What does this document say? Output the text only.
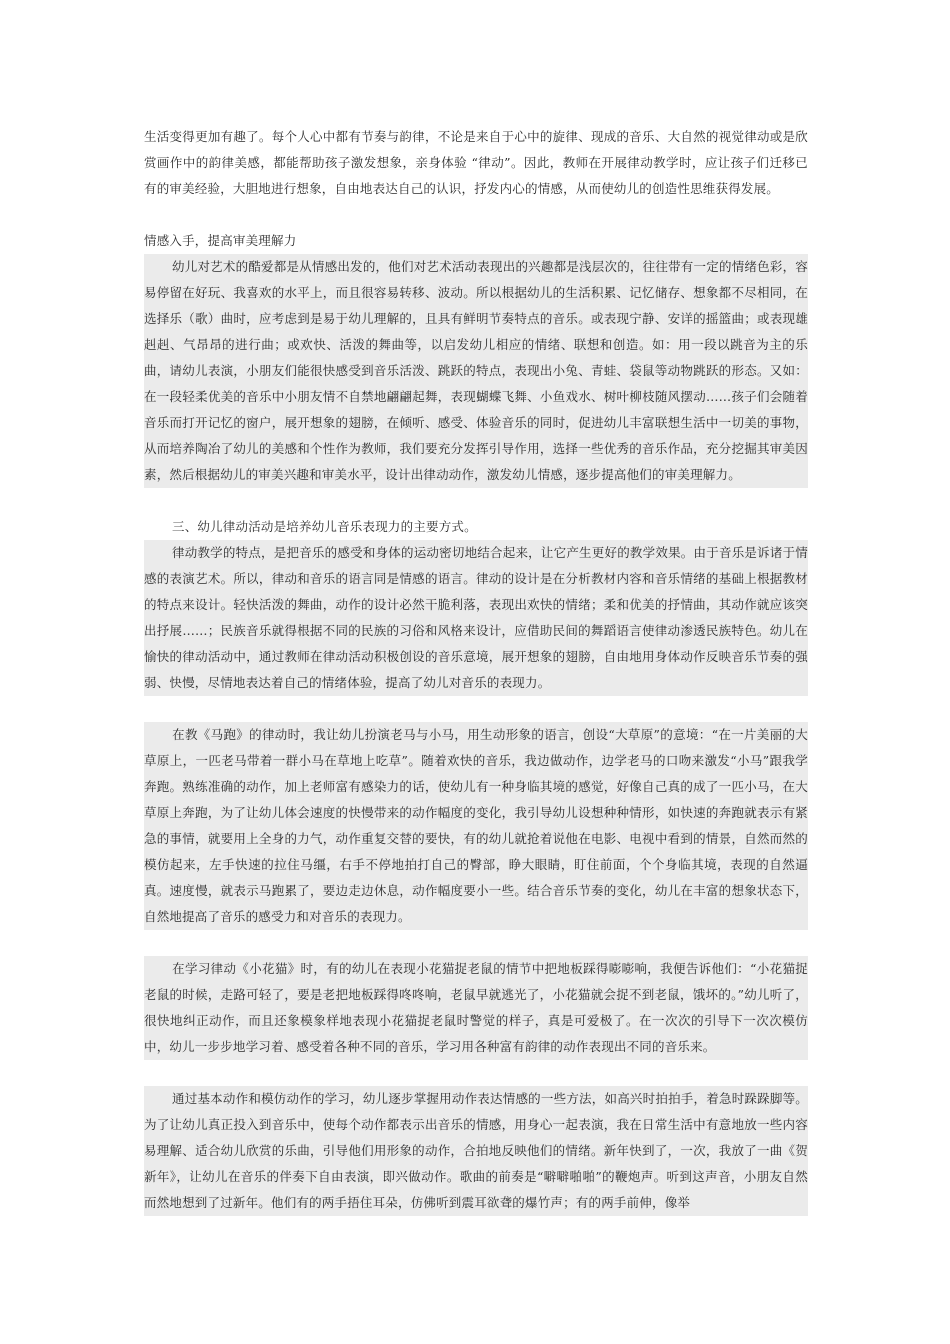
生活变得更加有趣了。每个人心中都有节奏与韵律，不论是来自于心中的旋律、现成的音乐、大自然的视觉律动或是欣赏画作中的韵律美感，都能帮助孩子激发想象，亲身体验 “律动”。因此，教师在开展律动教学时，应让孩子们迁移已有的审美经验，大胆地进行想象，自由地表达自己的认识，抒发内心的情感，从而使幼儿的创造性思维获得发展。

情感入手，提高审美理解力

幼儿对艺术的酷爱都是从情感出发的，他们对艺术活动表现出的兴趣都是浅层次的，往往带有一定的情绪色彩，容易停留在好玩、我喜欢的水平上，而且很容易转移、波动。所以根据幼儿的生活积累、记忆储存、想象都不尽相同，在选择乐（歌）曲时，应考虑到是易于幼儿理解的，且具有鲜明节奏特点的音乐。或表现宁静、安详的摇篮曲；或表现雄赳赳、气昂昂的进行曲；或欢快、活泼的舞曲等，以启发幼儿相应的情绪、联想和创造。如：用一段以跳音为主的乐曲，请幼儿表演，小朋友们能很快感受到音乐活泼、跳跃的特点，表现出小兔、青蛙、袋鼠等动物跳跃的形态。又如：在一段轻柔优美的音乐中小朋友情不自禁地翩翩起舞，表现蝴蝶飞舞、小鱼戏水、树叶柳枝随风摆动……孩子们会随着音乐而打开记忆的窗户，展开想象的翅膀，在倾听、感受、体验音乐的同时，促进幼儿丰富联想生活中一切美的事物，从而培养陶冶了幼儿的美感和个性作为教师，我们要充分发挥引导作用，选择一些优秀的音乐作品，充分挖掘其审美因素，然后根据幼儿的审美兴趣和审美水平，设计出律动动作，激发幼儿情感，逐步提高他们的审美理解力。

三、幼儿律动活动是培养幼儿音乐表现力的主要方式。

律动教学的特点，是把音乐的感受和身体的运动密切地结合起来，让它产生更好的教学效果。由于音乐是诉诸于情感的表演艺术。所以，律动和音乐的语言同是情感的语言。律动的设计是在分析教材内容和音乐情绪的基础上根据教材的特点来设计。轻快活泼的舞曲，动作的设计必然干脆利落，表现出欢快的情绪；柔和优美的抒情曲，其动作就应该突出抒展……；民族音乐就得根据不同的民族的习俗和风格来设计，应借助民间的舞蹈语言使律动渗透民族特色。幼儿在愉快的律动活动中，通过教师在律动活动积极创设的音乐意境，展开想象的翅膀，自由地用身体动作反映音乐节奏的强弱、快慢，尽情地表达着自己的情绪体验，提高了幼儿对音乐的表现力。

在教《马跑》的律动时，我让幼儿扮演老马与小马，用生动形象的语言，创设“大草原”的意境：“在一片美丽的大草原上，一匹老马带着一群小马在草地上吃草”。随着欢快的音乐，我边做动作，边学老马的口吻来激发“小马”跟我学奔跑。熟练准确的动作，加上老师富有感染力的话，使幼儿有一种身临其境的感觉，好像自己真的成了一匹小马，在大草原上奔跑，为了让幼儿体会速度的快慢带来的动作幅度的变化，我引导幼儿设想种种情形，如快速的奔跑就表示有紧急的事情，就要用上全身的力气，动作重复交替的要快，有的幼儿就抢着说他在电影、电视中看到的情景，自然而然的模仿起来，左手快速的拉住马缰，右手不停地拍打自己的臀部，睁大眼睛，盯住前面，个个身临其境，表现的自然逼真。速度慢，就表示马跑累了，要边走边休息，动作幅度要小一些。结合音乐节奏的变化，幼儿在丰富的想象状态下，自然地提高了音乐的感受力和对音乐的表现力。

在学习律动《小花猫》时，有的幼儿在表现小花猫捉老鼠的情节中把地板踩得嘭嘭响，我便告诉他们：“小花猫捉老鼠的时候，走路可轻了，要是老把地板踩得咚咚响，老鼠早就逃光了，小花猫就会捉不到老鼠，饿坏的。”幼儿听了，很快地纠正动作，而且还象模象样地表现小花猫捉老鼠时警觉的样子，真是可爱极了。在一次次的引导下一次次模仿中，幼儿一步步地学习着、感受着各种不同的音乐，学习用各种富有韵律的动作表现出不同的音乐来。

通过基本动作和模仿动作的学习，幼儿逐步掌握用动作表达情感的一些方法，如高兴时拍拍手，着急时跺跺脚等。为了让幼儿真正投入到音乐中，使每个动作都表示出音乐的情感，用身心一起表演，我在日常生活中有意地放一些内容易理解、适合幼儿欣赏的乐曲，引导他们用形象的动作，合拍地反映他们的情绪。新年快到了，一次，我放了一曲《贺新年》，让幼儿在音乐的伴奏下自由表演，即兴做动作。歌曲的前奏是“噼噼啪啪”的鞭炮声。听到这声音，小朋友自然而然地想到了过新年。他们有的两手捂住耳朵，仿佛听到震耳欲聋的爆竹声；有的两手前伸，像举
